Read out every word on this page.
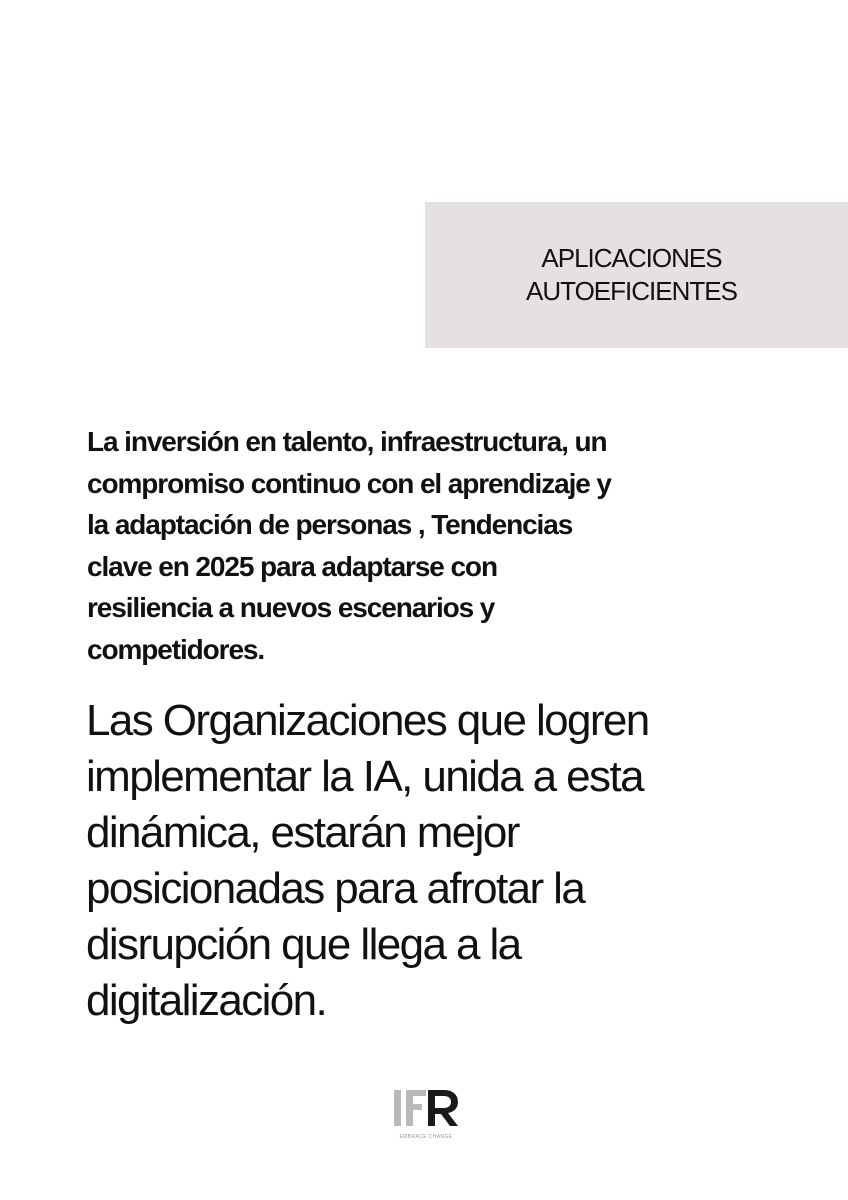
APLICACIONES
AUTOEFICIENTES
La inversión en talento, infraestructura, un
compromiso continuo con el aprendizaje y
la adaptación de personas , Tendencias
clave en 2025 para adaptarse con
resiliencia a nuevos escenarios y
competidores.
Las Organizaciones que logren
implementar la IA, unida a esta
dinámica, estarán mejor
posicionadas para afrotar la
disrupción que llega a la
digitalización.
EMBRACE CHANGE
